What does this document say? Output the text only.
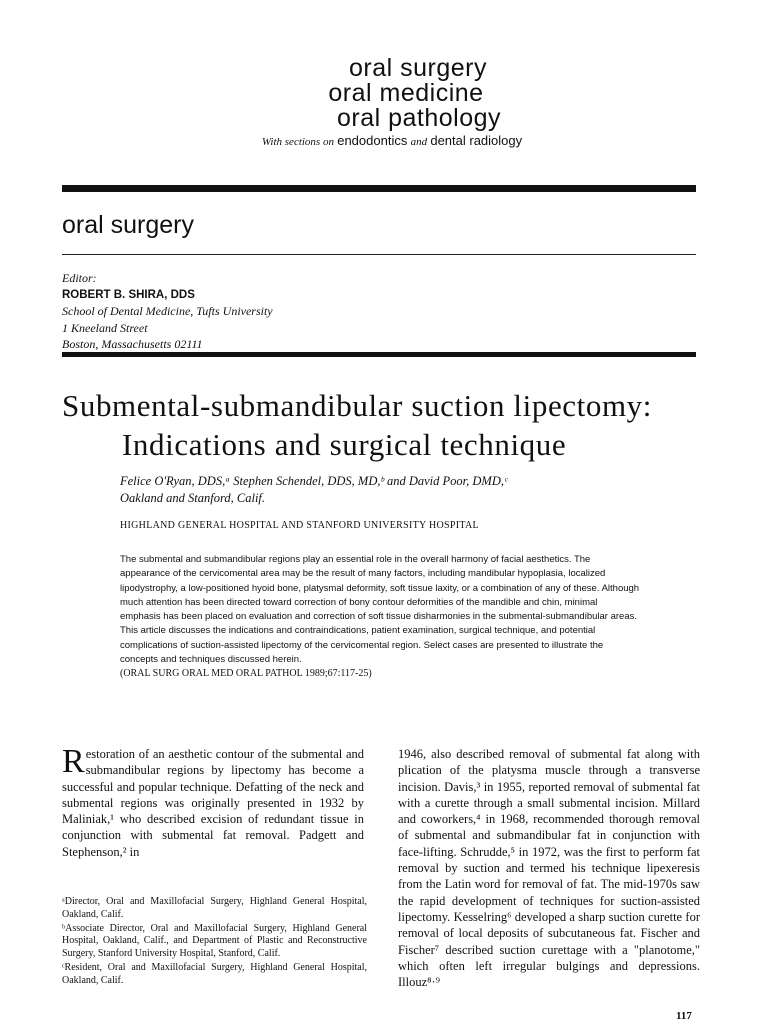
oral surgery
oral medicine
oral pathology
With sections on endodontics and dental radiology
oral surgery
Editor:
ROBERT B. SHIRA, DDS
School of Dental Medicine, Tufts University
1 Kneeland Street
Boston, Massachusetts 02111
Submental-submandibular suction lipectomy:
Indications and surgical technique
Felice O'Ryan, DDS,ᵃ Stephen Schendel, DDS, MD,ᵇ and David Poor, DMD,ᶜ
Oakland and Stanford, Calif.
HIGHLAND GENERAL HOSPITAL AND STANFORD UNIVERSITY HOSPITAL
The submental and submandibular regions play an essential role in the overall harmony of facial aesthetics. The appearance of the cervicomental area may be the result of many factors, including mandibular hypoplasia, localized lipodystrophy, a low-positioned hyoid bone, platysmal deformity, soft tissue laxity, or a combination of any of these. Although much attention has been directed toward correction of bony contour deformities of the mandible and chin, minimal emphasis has been placed on evaluation and correction of soft tissue disharmonies in the submental-submandibular areas. This article discusses the indications and contraindications, patient examination, surgical technique, and potential complications of suction-assisted lipectomy of the cervicomental region. Select cases are presented to illustrate the concepts and techniques discussed herein.
(ORAL SURG ORAL MED ORAL PATHOL 1989;67:117-25)
Restoration of an aesthetic contour of the submental and submandibular regions by lipectomy has become a successful and popular technique. Defatting of the neck and submental regions was originally presented in 1932 by Maliniak,¹ who described excision of redundant tissue in conjunction with submental fat removal. Padgett and Stephenson,² in

ᵃDirector, Oral and Maxillofacial Surgery, Highland General Hospital, Oakland, Calif.

ᵇAssociate Director, Oral and Maxillofacial Surgery, Highland General Hospital, Oakland, Calif., and Department of Plastic and Reconstructive Surgery, Stanford University Hospital, Stanford, Calif.

ᶜResident, Oral and Maxillofacial Surgery, Highland General Hospital, Oakland, Calif.

1946, also described removal of submental fat along with plication of the platysma muscle through a transverse incision. Davis,³ in 1955, reported removal of submental fat with a curette through a small submental incision. Millard and coworkers,⁴ in 1968, recommended thorough removal of submental and submandibular fat in conjunction with face-lifting. Schrudde,⁵ in 1972, was the first to perform fat removal by suction and termed his technique lipexeresis from the Latin word for removal of fat. The mid-1970s saw the rapid development of techniques for suction-assisted lipectomy. Kesselring⁶ developed a sharp suction curette for removal of local deposits of subcutaneous fat. Fischer and Fischer⁷ described suction curettage with a "planotome," which often left irregular bulgings and depressions. Illouz⁸·⁹
117
